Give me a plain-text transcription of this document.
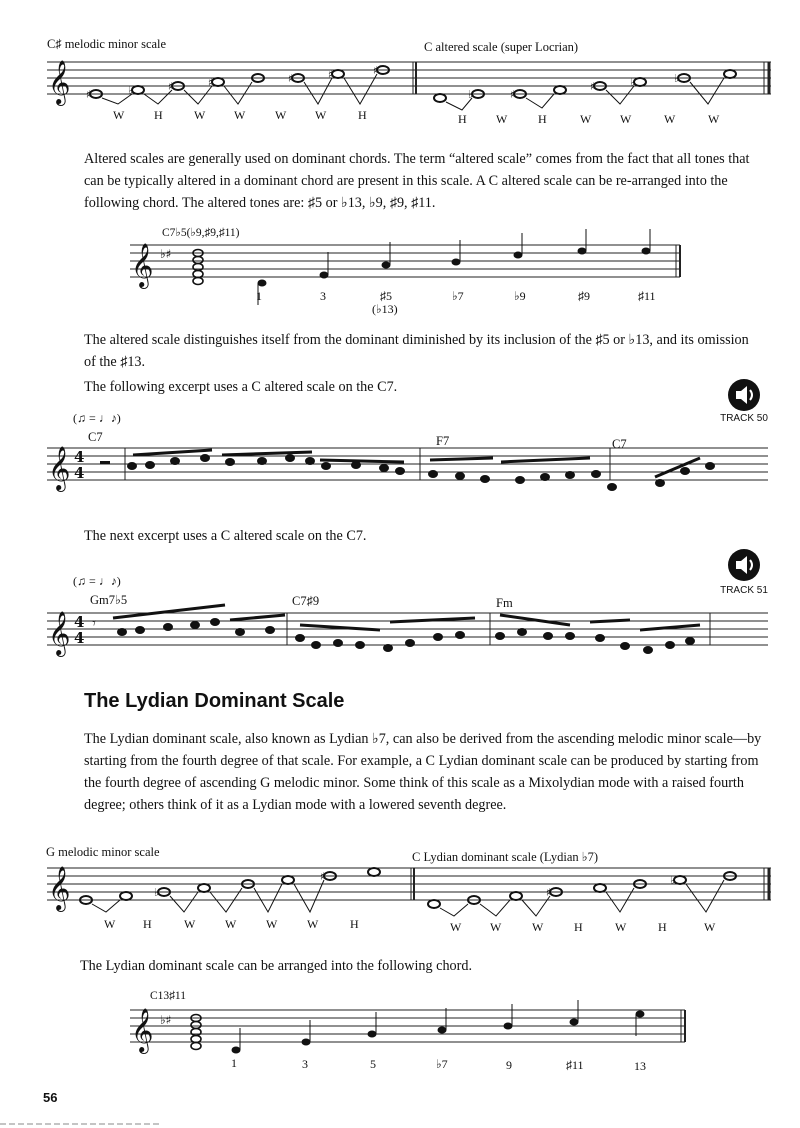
C♯ melodic minor scale	C altered scale (super Locrian)
𝄞
𝄞
𝄞
𝄞
𝄞
𝄞
4
4
4
4
♯	♭	♯	♯	♯	♯	♯
♭	♯
♯	♭	♭
♭♯
𝄾
♭
♯
♯
♭
♭♯
W H	W W W W	H	H W	H	W W	W	W
Altered scales are generally used on dominant chords. The term “altered scale” comes from the fact that all tones that can be typically altered in a dominant chord are present in this scale. A C altered scale can be re-arranged into the following chord. The altered tones are: ♯5 or ♭13, ♭9, ♯9, ♯11.
C7♭5(♭9,♯9,♯11)
1	3	♯5	♭7	♭9	♯9	♯11
(♭13)
The altered scale distinguishes itself from the dominant diminished by its inclusion of the ♯5 or ♭13, and its omission of the ♯13.
The following excerpt uses a C altered scale on the C7.
TRACK 50
(♫ = ♩♪)
C7	F7	C7
The next excerpt uses a C altered scale on the C7.
TRACK 51
(♫ = ♩♪)
Gm7♭5	C7♯9	Fm
The Lydian Dominant Scale
The Lydian dominant scale, also known as Lydian ♭7, can also be derived from the ascending melodic minor scale—by starting from the fourth degree of that scale. For example, a C Lydian dominant scale can be produced by starting from the fourth degree of ascending G melodic minor. Some think of this scale as a Mixolydian mode with a raised fourth degree; others think of it as a Lydian mode with a lowered seventh degree.
G melodic minor scale	C Lydian dominant scale (Lydian ♭7)
W H	W W W W	H	W W	W	H	W	H	W
The Lydian dominant scale can be arranged into the following chord.
C13♯11
1	3	5	♭7	9	♯11	13
56
